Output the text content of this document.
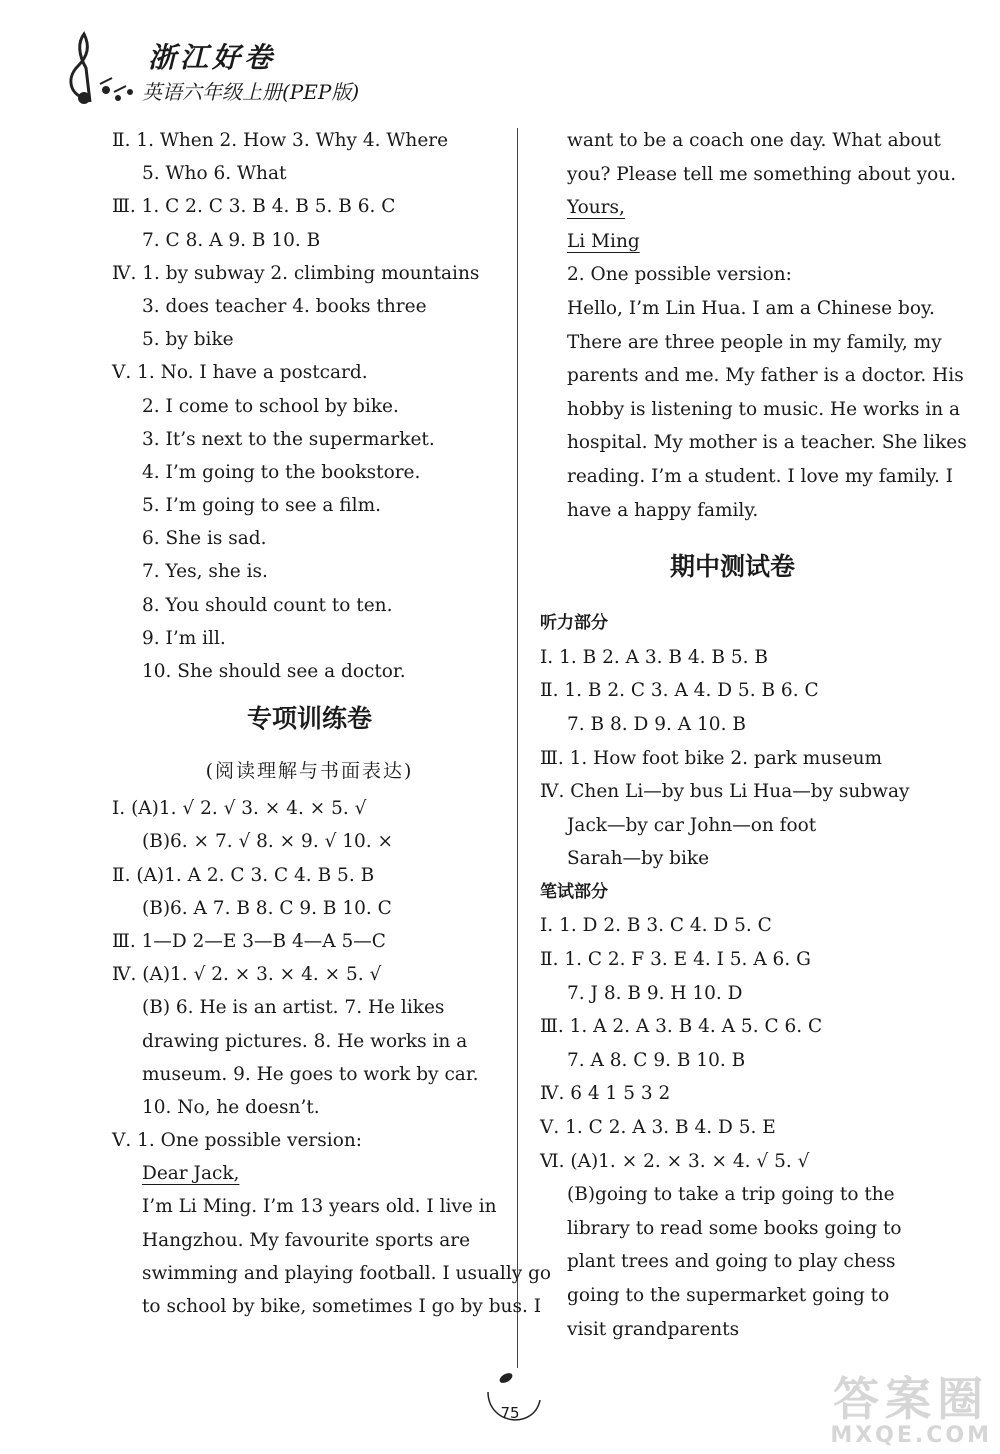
浙江好卷
英语六年级上册(PEP版)
Ⅱ. 1. When 2. How 3. Why 4. Where
5. Who 6. What
Ⅲ. 1. C 2. C 3. B 4. B 5. B 6. C
7. C 8. A 9. B 10. B
Ⅳ. 1. by subway 2. climbing mountains
3. does teacher 4. books three
5. by bike
Ⅴ. 1. No. I have a postcard.
2. I come to school by bike.
3. It’s next to the supermarket.
4. I’m going to the bookstore.
5. I’m going to see a film.
6. She is sad.
7. Yes, she is.
8. You should count to ten.
9. I’m ill.
10. She should see a doctor.
专项训练卷
(阅读理解与书面表达)
Ⅰ. (A)1. √ 2. √ 3. × 4. × 5. √
(B)6. × 7. √ 8. × 9. √ 10. ×
Ⅱ. (A)1. A 2. C 3. C 4. B 5. B
(B)6. A 7. B 8. C 9. B 10. C
Ⅲ. 1—D 2—E 3—B 4—A 5—C
Ⅳ. (A)1. √ 2. × 3. × 4. × 5. √
(B) 6. He is an artist. 7. He likes
drawing pictures. 8. He works in a
museum. 9. He goes to work by car.
10. No, he doesn’t.
Ⅴ. 1. One possible version:
Dear Jack,
I’m Li Ming. I’m 13 years old. I live in
Hangzhou. My favourite sports are
swimming and playing football. I usually go
to school by bike, sometimes I go by bus. I
want to be a coach one day. What about
you? Please tell me something about you.
Yours,
Li Ming
2. One possible version:
Hello, I’m Lin Hua. I am a Chinese boy.
There are three people in my family, my
parents and me. My father is a doctor. His
hobby is listening to music. He works in a
hospital. My mother is a teacher. She likes
reading. I’m a student. I love my family. I
have a happy family.
期中测试卷
听力部分
Ⅰ. 1. B 2. A 3. B 4. B 5. B
Ⅱ. 1. B 2. C 3. A 4. D 5. B 6. C
7. B 8. D 9. A 10. B
Ⅲ. 1. How foot bike 2. park museum
Ⅳ. Chen Li—by bus Li Hua—by subway
Jack—by car John—on foot
Sarah—by bike
笔试部分
Ⅰ. 1. D 2. B 3. C 4. D 5. C
Ⅱ. 1. C 2. F 3. E 4. I 5. A 6. G
7. J 8. B 9. H 10. D
Ⅲ. 1. A 2. A 3. B 4. A 5. C 6. C
7. A 8. C 9. B 10. B
Ⅳ. 6 4 1 5 3 2
Ⅴ. 1. C 2. A 3. B 4. D 5. E
Ⅵ. (A)1. × 2. × 3. × 4. √ 5. √
(B)going to take a trip going to the
library to read some books going to
plant trees and going to play chess
going to the supermarket going to
visit grandparents
75	答案圈
MXQE.COM
